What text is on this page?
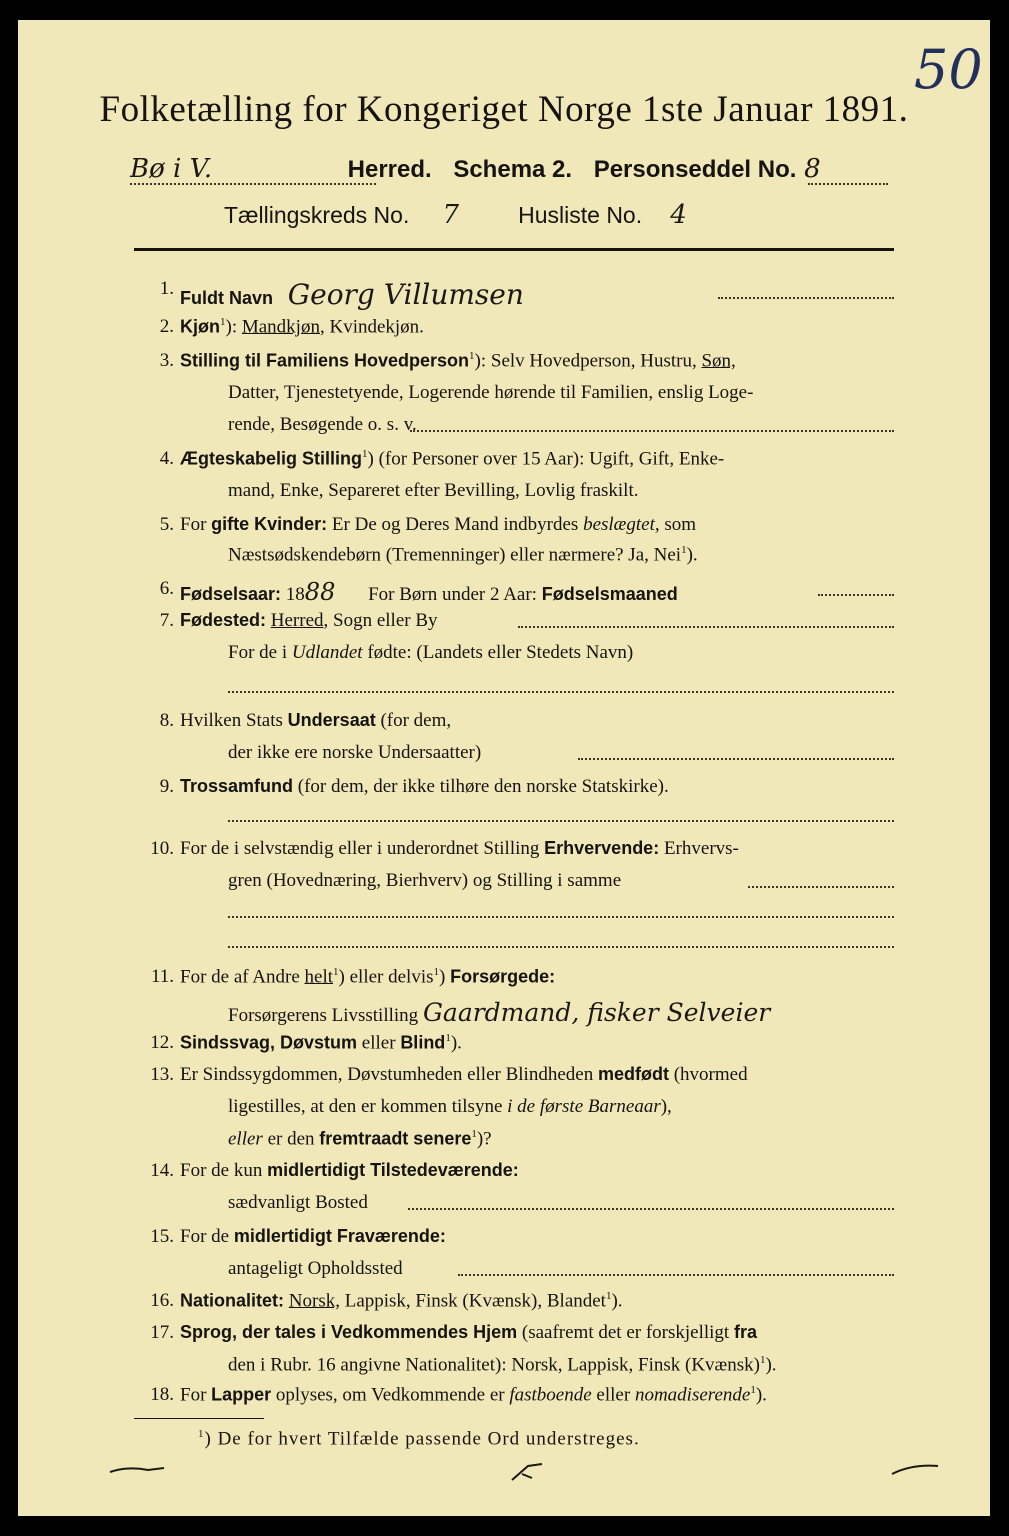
50
Folketælling for Kongeriget Norge 1ste Januar 1891.
Bø i V.	Herred. Schema 2. Personseddel No. 8
Tællingskreds No. 7	Husliste No. 4
1. Fuldt Navn Georg Villumsen
2. Kjøn$^1$): Mandkjøn, Kvindekjøn.
3. Stilling til Familiens Hovedperson$^1$): Selv Hovedperson, Hustru, Søn,
Datter, Tjenestetyende, Logerende hørende til Familien, enslig Loge-
rende, Besøgende o. s. v.
4. Ægteskabelig Stilling$^1$) (for Personer over 15 Aar): Ugift, Gift, Enke-
mand, Enke, Separeret efter Bevilling, Lovlig fraskilt.
5. For gifte Kvinder: Er De og Deres Mand indbyrdes beslægtet, som
Næstsødskendebørn (Tremenninger) eller nærmere? Ja, Nei$^1$).
6. Fødselsaar: 1888 For Børn under 2 Aar: Fødselsmaaned
7. Fødested: Herred, Sogn eller By
For de i Udlandet fødte: (Landets eller Stedets Navn)
8. Hvilken Stats Undersaat (for dem,
der ikke ere norske Undersaatter)
9. Trossamfund (for dem, der ikke tilhøre den norske Statskirke).
10. For de i selvstændig eller i underordnet Stilling Erhvervende: Erhvervs-
gren (Hovednæring, Bierhverv) og Stilling i samme
11. For de af Andre helt$^1$) eller delvis$^1$) Forsørgede:
Forsørgerens Livsstilling Gaardmand, fisker Selveier
12. Sindssvag, Døvstum eller Blind$^1$).
13. Er Sindssygdommen, Døvstumheden eller Blindheden medfødt (hvormed
ligestilles, at den er kommen tilsyne i de første Barneaar),
eller er den fremtraadt senere$^1$)?
14. For de kun midlertidigt Tilstedeværende:
sædvanligt Bosted
15. For de midlertidigt Fraværende:
antageligt Opholdssted
16. Nationalitet: Norsk, Lappisk, Finsk (Kvænsk), Blandet$^1$).
17. Sprog, der tales i Vedkommendes Hjem (saafremt det er forskjelligt fra
den i Rubr. 16 angivne Nationalitet): Norsk, Lappisk, Finsk (Kvænsk)$^1$).
18. For Lapper oplyses, om Vedkommende er fastboende eller nomadiserende$^1$).
$^1$) De for hvert Tilfælde passende Ord understreges.
